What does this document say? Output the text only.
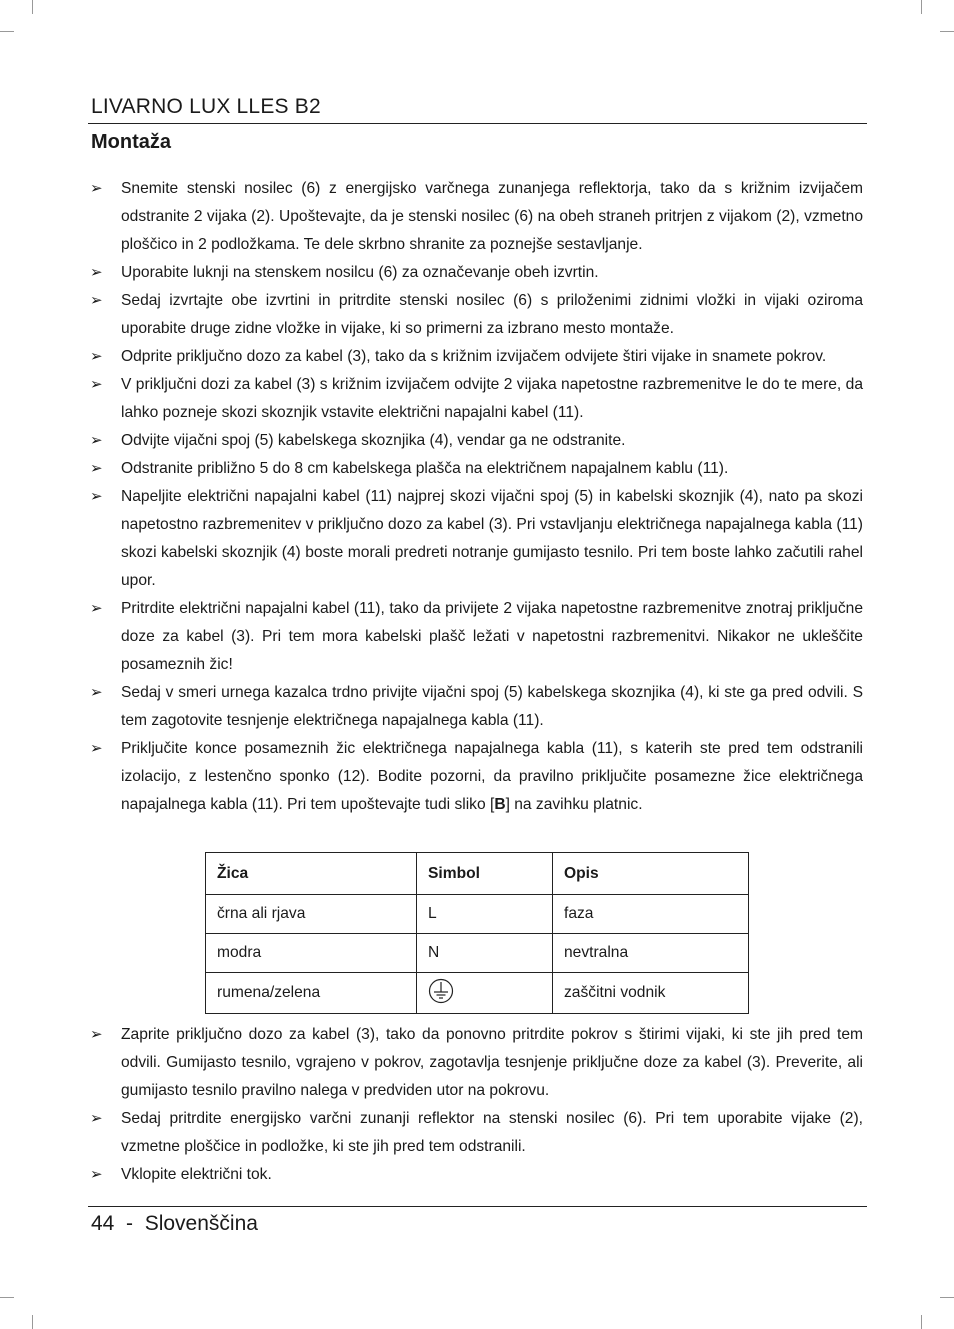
LIVARNO LUX LLES B2
Montaža
➢	Snemite stenski nosilec (6) z energijsko varčnega zunanjega reflektorja, tako da s križnim izvijačem odstranite 2 vijaka (2). Upoštevajte, da je stenski nosilec (6) na obeh straneh pritrjen z vijakom (2), vzmetno ploščico in 2 podložkama. Te dele skrbno shranite za poznejše sestavljanje.
➢	Uporabite luknji na stenskem nosilcu (6) za označevanje obeh izvrtin.
➢	Sedaj izvrtajte obe izvrtini in pritrdite stenski nosilec (6) s priloženimi zidnimi vložki in vijaki oziroma uporabite druge zidne vložke in vijake, ki so primerni za izbrano mesto montaže.
➢	Odprite priključno dozo za kabel (3), tako da s križnim izvijačem odvijete štiri vijake in snamete pokrov.
➢	V priključni dozi za kabel (3) s križnim izvijačem odvijte 2 vijaka napetostne razbremenitve le do te mere, da lahko pozneje skozi skoznjik vstavite električni napajalni kabel (11).
➢	Odvijte vijačni spoj (5) kabelskega skoznjika (4), vendar ga ne odstranite.
➢	Odstranite približno 5 do 8 cm kabelskega plašča na električnem napajalnem kablu (11).
➢	Napeljite električni napajalni kabel (11) najprej skozi vijačni spoj (5) in kabelski skoznjik (4), nato pa skozi napetostno razbremenitev v priključno dozo za kabel (3). Pri vstavljanju električnega napajalnega kabla (11) skozi kabelski skoznjik (4) boste morali predreti notranje gumijasto tesnilo. Pri tem boste lahko začutili rahel upor.
➢	Pritrdite električni napajalni kabel (11), tako da privijete 2 vijaka napetostne razbremenitve znotraj priključne doze za kabel (3). Pri tem mora kabelski plašč ležati v napetostni razbremenitvi. Nikakor ne ukleščite posameznih žic!
➢	Sedaj v smeri urnega kazalca trdno privijte vijačni spoj (5) kabelskega skoznjika (4), ki ste ga pred odvili. S tem zagotovite tesnjenje električnega napajalnega kabla (11).
➢	Priključite konce posameznih žic električnega napajalnega kabla (11), s katerih ste pred tem odstranili izolacijo, z lestenčno sponko (12). Bodite pozorni, da pravilno priključite posamezne žice električnega napajalnega kabla (11). Pri tem upoštevajte tudi sliko [B] na zavihku platnic.
Žica	Simbol	Opis
črna ali rjava	L	faza
modra	N	nevtralna
rumena/zelena		zaščitni vodnik
➢	Zaprite priključno dozo za kabel (3), tako da ponovno pritrdite pokrov s štirimi vijaki, ki ste jih pred tem odvili. Gumijasto tesnilo, vgrajeno v pokrov, zagotavlja tesnjenje priključne doze za kabel (3). Preverite, ali gumijasto tesnilo pravilno nalega v predviden utor na pokrovu.
➢	Sedaj pritrdite energijsko varčni zunanji reflektor na stenski nosilec (6). Pri tem uporabite vijake (2), vzmetne ploščice in podložke, ki ste jih pred tem odstranili.
➢	Vklopite električni tok.
44  -  Slovenščina
